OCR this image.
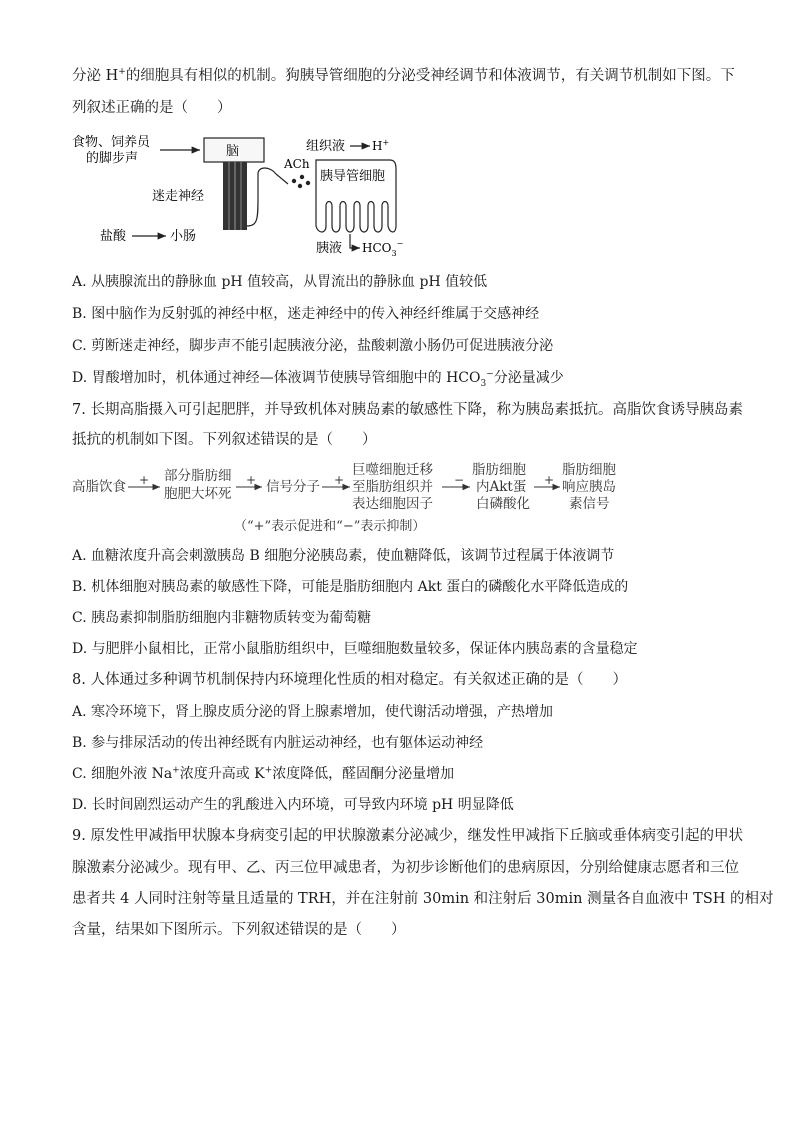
分泌 H+的细胞具有相似的机制。狗胰导管细胞的分泌受神经调节和体液调节，有关调节机制如下图。下
列叙述正确的是（　　）
食物、饲养员
的脚步声	脑
迷走神经
盐酸	小肠
ACh
组织液 H+
胰导管细胞
胰液 $HCO_3^-$
A. 从胰腺流出的静脉血 pH 值较高，从胃流出的静脉血 pH 值较低
B. 图中脑作为反射弧的神经中枢，迷走神经中的传入神经纤维属于交感神经
C. 剪断迷走神经，脚步声不能引起胰液分泌，盐酸刺激小肠仍可促进胰液分泌
D. 胃酸增加时，机体通过神经—体液调节使胰导管细胞中的 $HCO_3^-$分泌量减少
7. 长期高脂摄入可引起肥胖，并导致机体对胰岛素的敏感性下降，称为胰岛素抵抗。高脂饮食诱导胰岛素
抵抗的机制如下图。下列叙述错误的是（　　）
高脂饮食 + 部分脂肪细
胞肥大坏死
+ 信号分子 +
巨噬细胞迁移
至脂肪组织并
表达细胞因子
−
脂肪细胞
内Akt蛋
白磷酸化
+
脂肪细胞
响应胰岛
素信号
（“+”表示促进和“−”表示抑制）
A. 血糖浓度升高会刺激胰岛 B 细胞分泌胰岛素，使血糖降低，该调节过程属于体液调节
B. 机体细胞对胰岛素的敏感性下降，可能是脂肪细胞内 Akt 蛋白的磷酸化水平降低造成的
C. 胰岛素抑制脂肪细胞内非糖物质转变为葡萄糖
D. 与肥胖小鼠相比，正常小鼠脂肪组织中，巨噬细胞数量较多，保证体内胰岛素的含量稳定
8. 人体通过多种调节机制保持内环境理化性质的相对稳定。有关叙述正确的是（　　）
A. 寒冷环境下，肾上腺皮质分泌的肾上腺素增加，使代谢活动增强，产热增加
B. 参与排尿活动的传出神经既有内脏运动神经，也有躯体运动神经
C. 细胞外液 Na+浓度升高或 K+浓度降低，醛固酮分泌量增加
D. 长时间剧烈运动产生的乳酸进入内环境，可导致内环境 pH 明显降低
9. 原发性甲减指甲状腺本身病变引起的甲状腺激素分泌减少，继发性甲减指下丘脑或垂体病变引起的甲状
腺激素分泌减少。现有甲、乙、丙三位甲减患者，为初步诊断他们的患病原因，分别给健康志愿者和三位
患者共 4 人同时注射等量且适量的 TRH，并在注射前 30min 和注射后 30min 测量各自血液中 TSH 的相对
含量，结果如下图所示。下列叙述错误的是（　　）
